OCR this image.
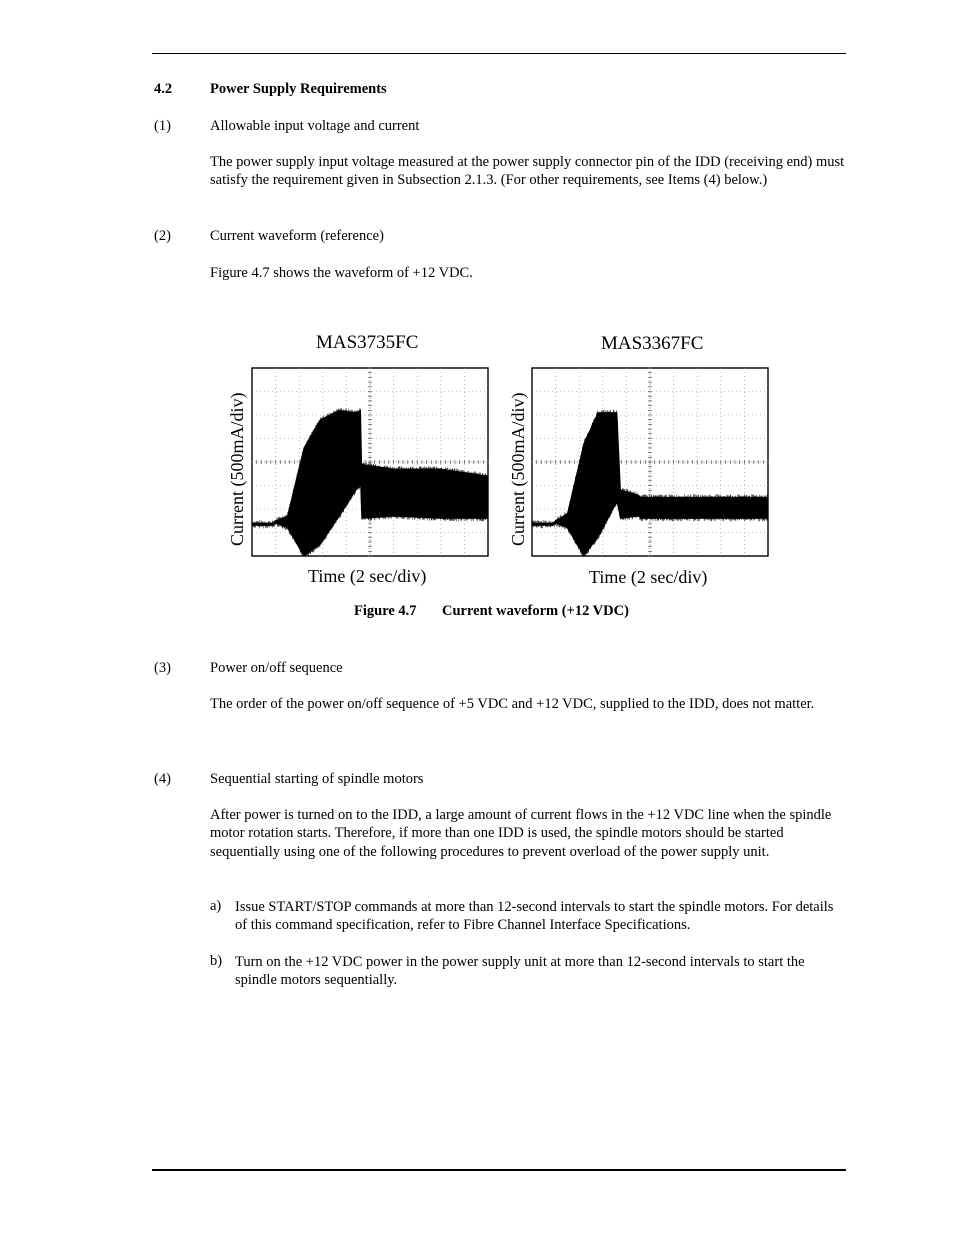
4.2	Power Supply Requirements
(1)	Allowable input voltage and current
The power supply input voltage measured at the power supply connector pin of the IDD (receiving end) must satisfy the requirement given in Subsection 2.1.3. (For other requirements, see Items (4) below.)
(2)	Current waveform (reference)
Figure 4.7 shows the waveform of +12 VDC.
MAS3735FC
Current (500mA/div)
Time (2 sec/div)
MAS3367FC
Current (500mA/div)
Time (2 sec/div)
Figure 4.7 Current waveform (+12 VDC)
(3)	Power on/off sequence
The order of the power on/off sequence of +5 VDC and +12 VDC, supplied to the IDD, does not matter.
(4)	Sequential starting of spindle motors
After power is turned on to the IDD, a large amount of current flows in the +12 VDC line when the spindle motor rotation starts. Therefore, if more than one IDD is used, the spindle motors should be started sequentially using one of the following procedures to prevent overload of the power supply unit.
a) Issue START/STOP commands at more than 12-second intervals to start the spindle motors. For details of this command specification, refer to Fibre Channel Interface Specifications.
b) Turn on the +12 VDC power in the power supply unit at more than 12-second intervals to start the spindle motors sequentially.
